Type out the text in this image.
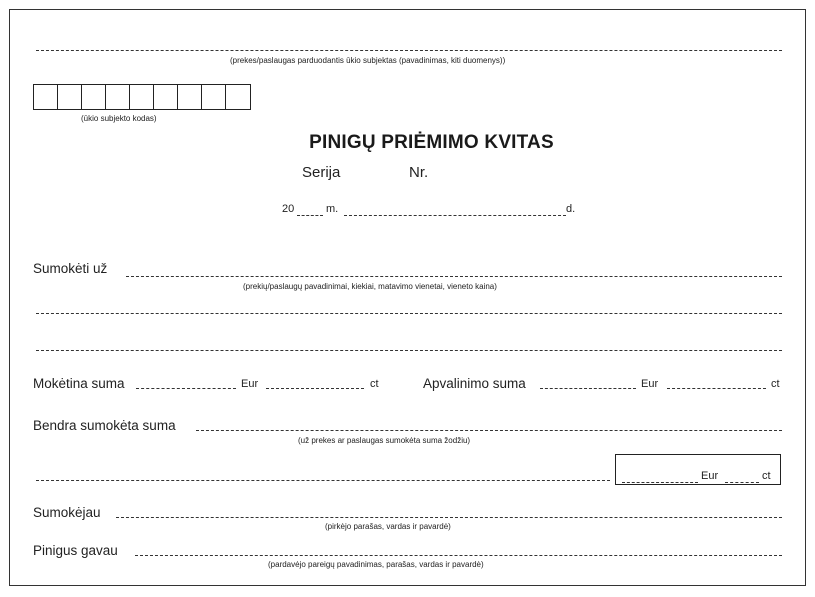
(prekes/paslaugas parduodantis ūkio subjektas (pavadinimas, kiti duomenys))
(ūkio subjekto kodas)
PINIGŲ PRIĖMIMO KVITAS
Serija	Nr.
20	m.	d.
Sumokėti už
(prekių/paslaugų pavadinimai, kiekiai, matavimo vienetai, vieneto kaina)
Mokėtina suma	Eur	ct	Apvalinimo suma	Eur	ct
Bendra sumokėta suma
(už prekes ar paslaugas sumokėta suma žodžiu)
Eur	ct
Sumokėjau
(pirkėjo parašas, vardas ir pavardė)
Pinigus gavau
(pardavėjo pareigų pavadinimas, parašas, vardas ir pavardė)
